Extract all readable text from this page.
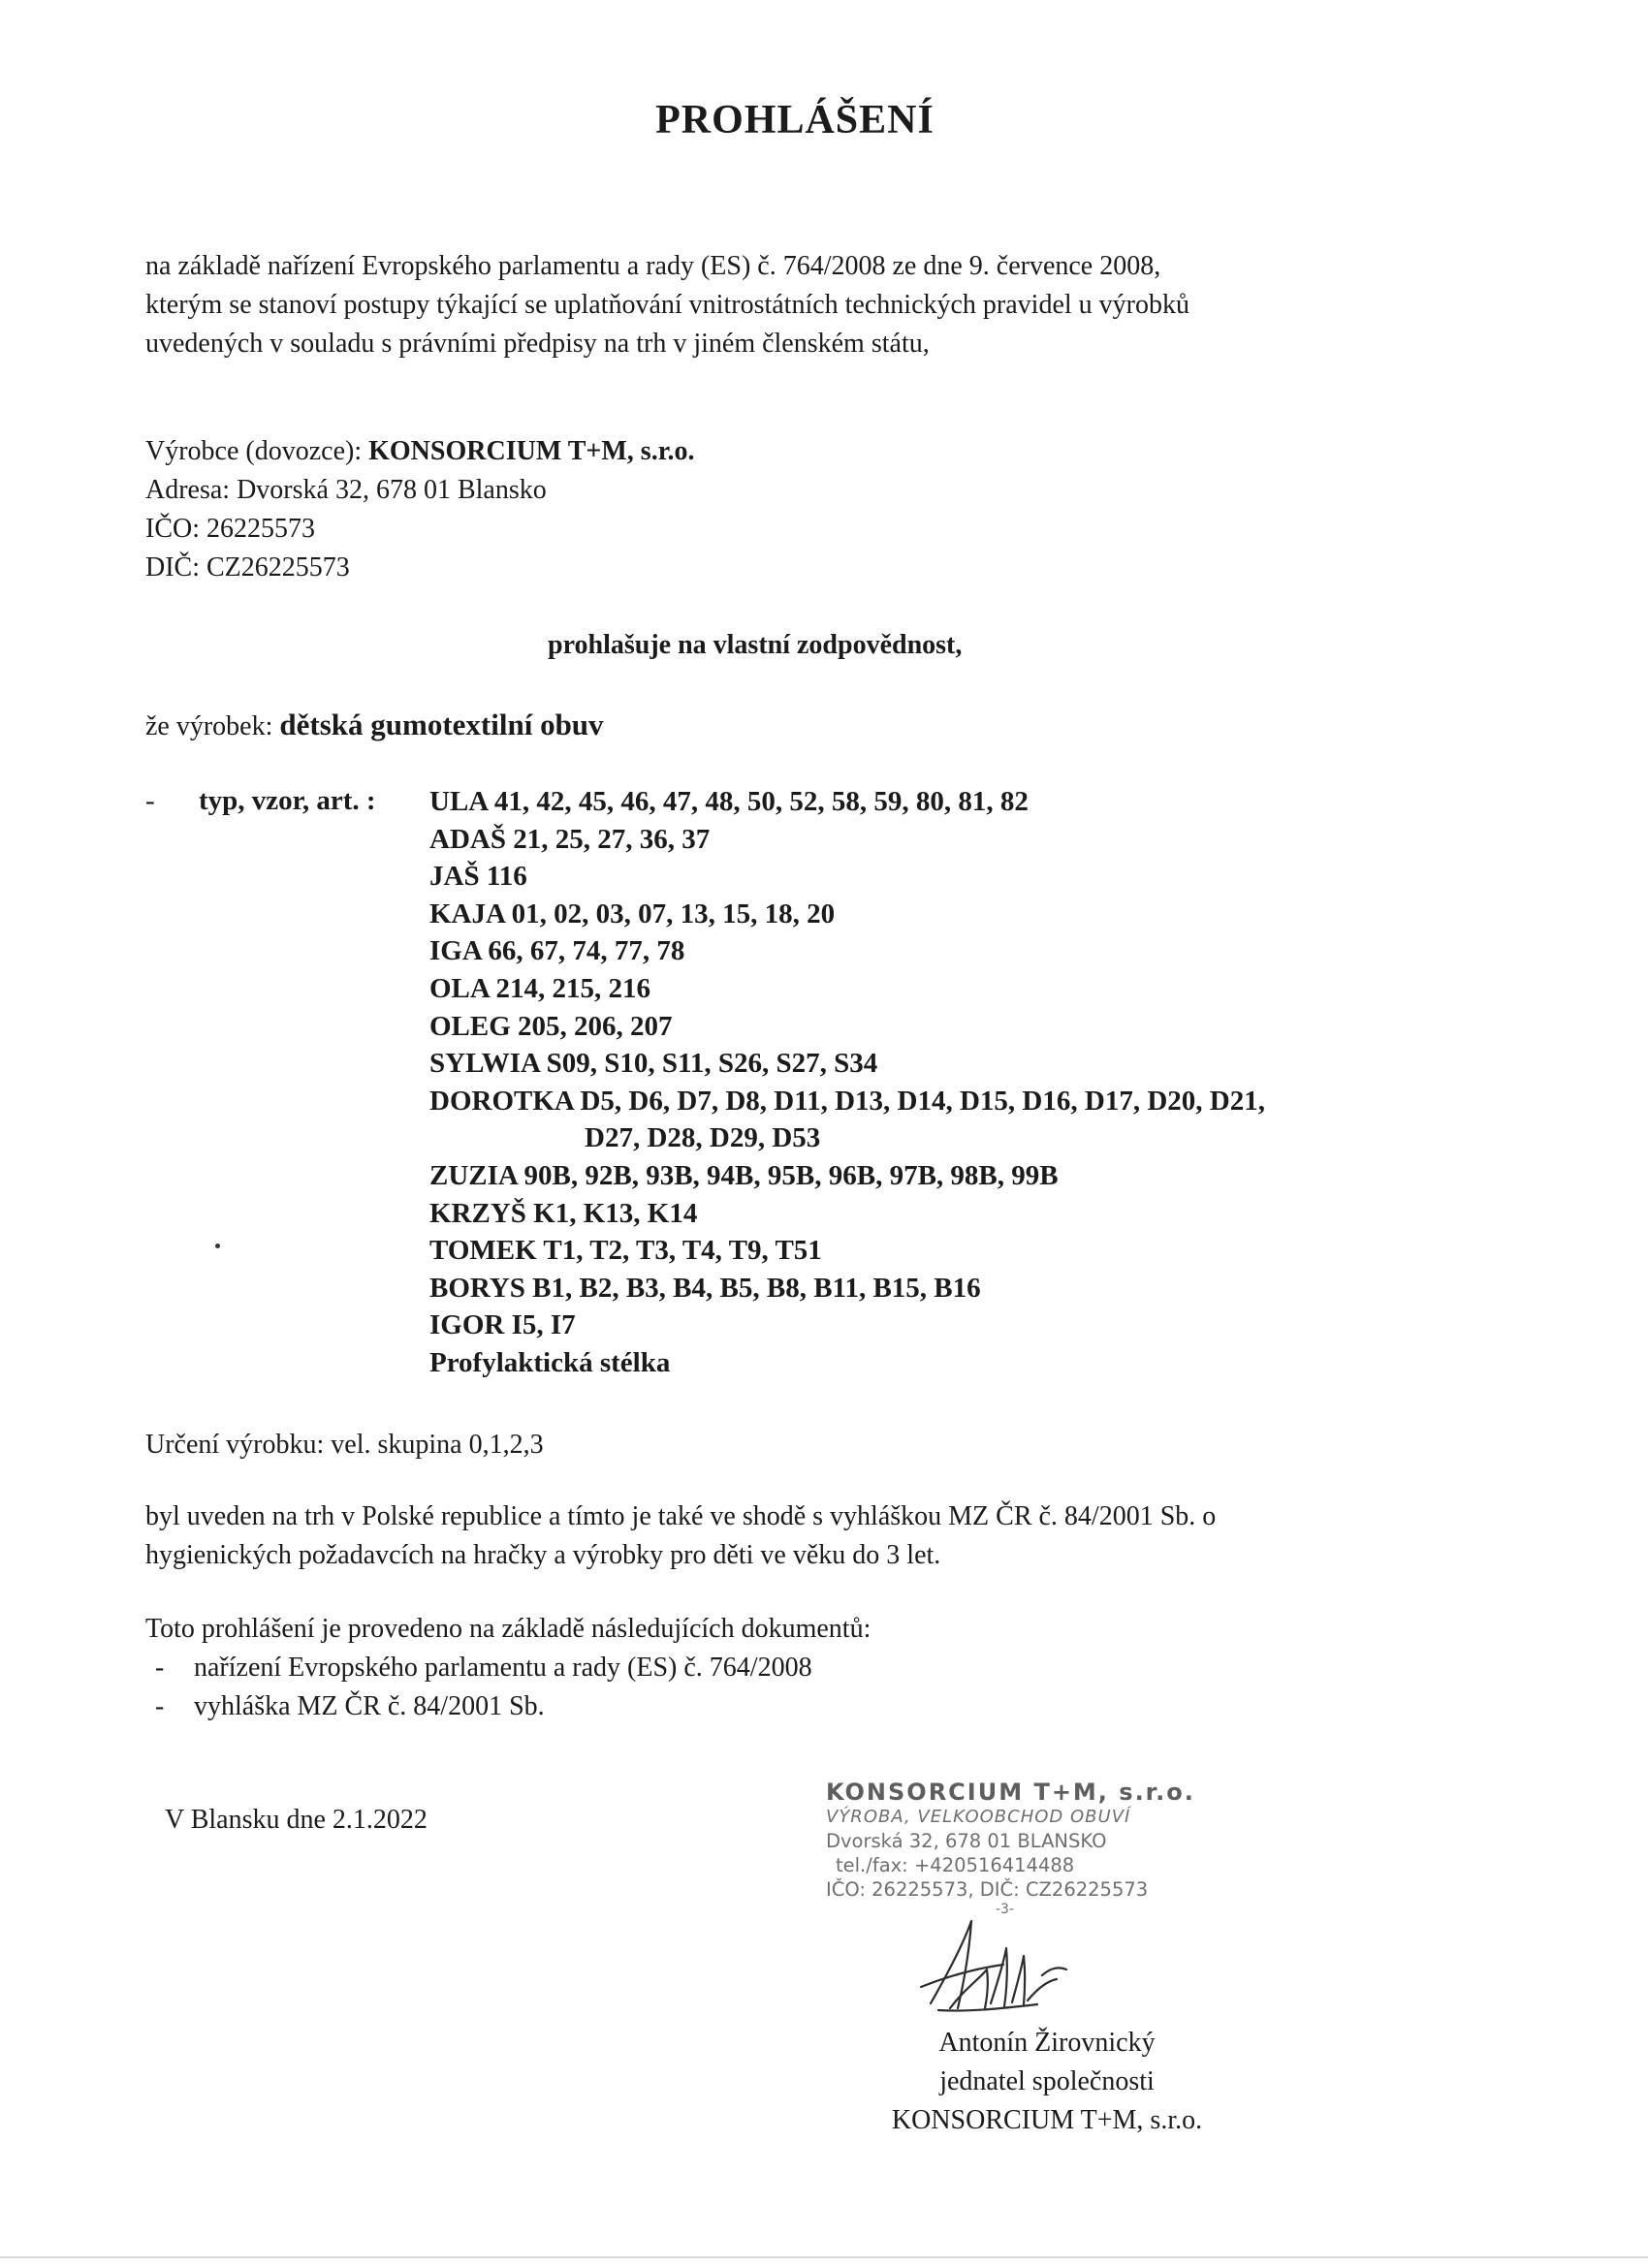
PROHLÁŠENÍ
na základě nařízení Evropského parlamentu a rady (ES) č. 764/2008 ze dne 9. července 2008,
kterým se stanoví postupy týkající se uplatňování vnitrostátních technických pravidel u výrobků
uvedených v souladu s právními předpisy na trh v jiném členském státu,
Výrobce (dovozce): KONSORCIUM T+M, s.r.o.
Adresa: Dvorská 32, 678 01 Blansko
IČO: 26225573
DIČ: CZ26225573
prohlašuje na vlastní zodpovědnost,
že výrobek: dětská gumotextilní obuv
- typ, vzor, art. : ULA 41, 42, 45, 46, 47, 48, 50, 52, 58, 59, 80, 81, 82
ADAŠ 21, 25, 27, 36, 37
JAŠ 116
KAJA 01, 02, 03, 07, 13, 15, 18, 20
IGA 66, 67, 74, 77, 78
OLA 214, 215, 216
OLEG 205, 206, 207
SYLWIA S09, S10, S11, S26, S27, S34
DOROTKA D5, D6, D7, D8, D11, D13, D14, D15, D16, D17, D20, D21,
D27, D28, D29, D53
ZUZIA 90B, 92B, 93B, 94B, 95B, 96B, 97B, 98B, 99B
KRZYŠ K1, K13, K14
TOMEK T1, T2, T3, T4, T9, T51
BORYS B1, B2, B3, B4, B5, B8, B11, B15, B16
IGOR I5, I7
Profylaktická stélka
Určení výrobku: vel. skupina 0,1,2,3
byl uveden na trh v Polské republice a tímto je také ve shodě s vyhláškou MZ ČR č. 84/2001 Sb. o
hygienických požadavcích na hračky a výrobky pro děti ve věku do 3 let.
Toto prohlášení je provedeno na základě následujících dokumentů:
- nařízení Evropského parlamentu a rady (ES) č. 764/2008
- vyhláška MZ ČR č. 84/2001 Sb.
V Blansku dne 2.1.2022
KONSORCIUM T+M, s.r.o.
VÝROBA, VELKOOBCHOD OBUVÍ
Dvorská 32, 678 01 BLANSKO
tel./fax: +420516414488
IČO: 26225573, DIČ: CZ26225573
-3-
Antonín Žirovnický
jednatel společnosti
KONSORCIUM T+M, s.r.o.
